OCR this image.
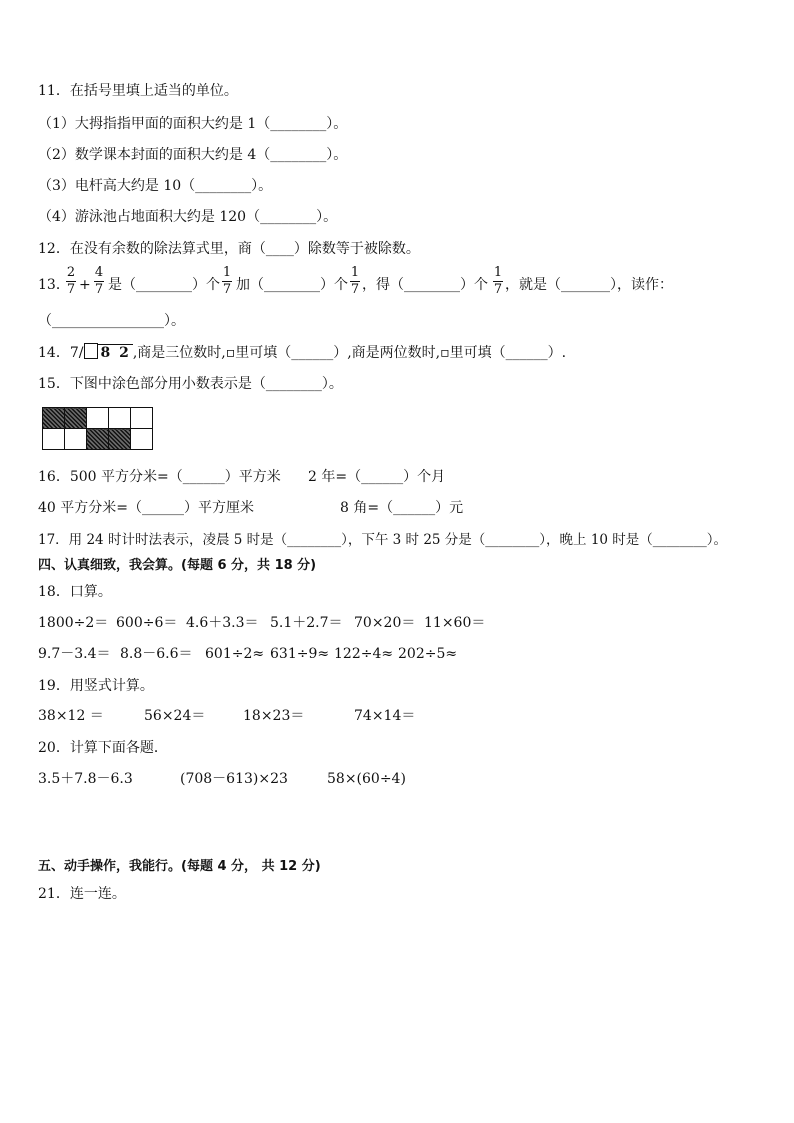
11．在括号里填上适当的单位。
（1）大拇指指甲面的面积大约是 1（________）。
（2）数学课本封面的面积大约是 4（________）。
（3）电杆高大约是 10（________）。
（4）游泳池占地面积大约是 120（________）。
12．在没有余数的除法算式里，商（____）除数等于被除数。
13．
2
7 +
4
7 是（________）个
1
7 加（________）个
1
7 ，得（________）个
1
7 ，就是（_______），读作：
（________________）。
14．7/ 8 2 ,商是三位数时,▫里可填（______）,商是两位数时,▫里可填（______）.
15．下图中涂色部分用小数表示是（________）。

16．500 平方分米=（______）平方米 2 年=（______）个月
40 平方分米=（______）平方厘米	8 角=（______）元
17．用 24 时计时法表示，凌晨 5 时是（________），下午 3 时 25 分是（________），晚上 10 时是（________）。
四、认真细致，我会算。(每题 6 分，共 18 分)
18．口算。
1800÷2＝ 600÷6＝ 4.6＋3.3＝ 5.1＋2.7＝ 70×20＝ 11×60＝
9.7－3.4＝ 8.8－6.6＝ 601÷2≈ 631÷9≈ 122÷4≈ 202÷5≈
19．用竖式计算。
38×12 ＝	56×24＝	18×23＝	74×14＝
20．计算下面各题．
3.5＋7.8－6.3	(708－613)×23	58×(60÷4)
五、动手操作，我能行。(每题 4 分， 共 12 分)
21．连一连。
